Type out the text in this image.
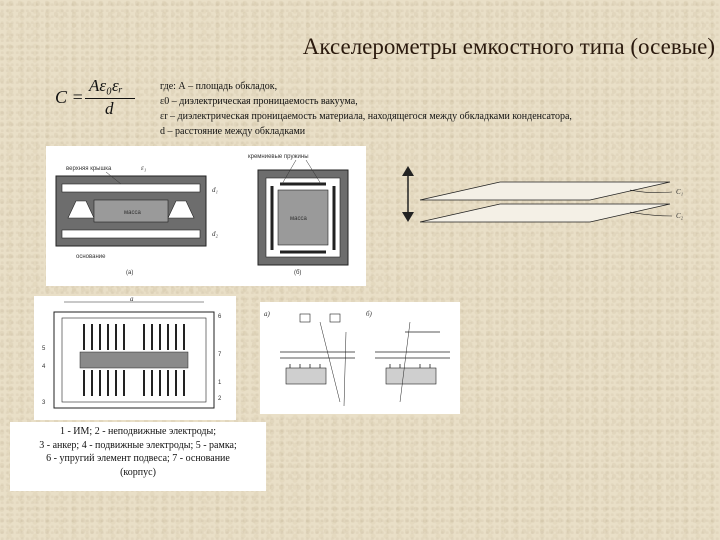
Акселерометры емкостного типа (осевые)
C =
Aε₀εᵣ
d
где: А – площадь обкладок,
ε0 – диэлектрическая проницаемость вакуума,
εr – диэлектрическая проницаемость материала, находящегося между обкладками конденсатора,
d – расстояние между обкладками
верхняя крышка	ε₁
масса
d₁
d₂
основание
(а)
кремниевые пружины
масса
(б)
C₁
C₂
a
6
5
4
7
3
1
2
a)	б)
1 - ИМ; 2 - неподвижные электроды;
3 - анкер; 4 - подвижные электроды; 5 - рамка;
6 - упругий элемент подвеса; 7 - основание
(корпус)
